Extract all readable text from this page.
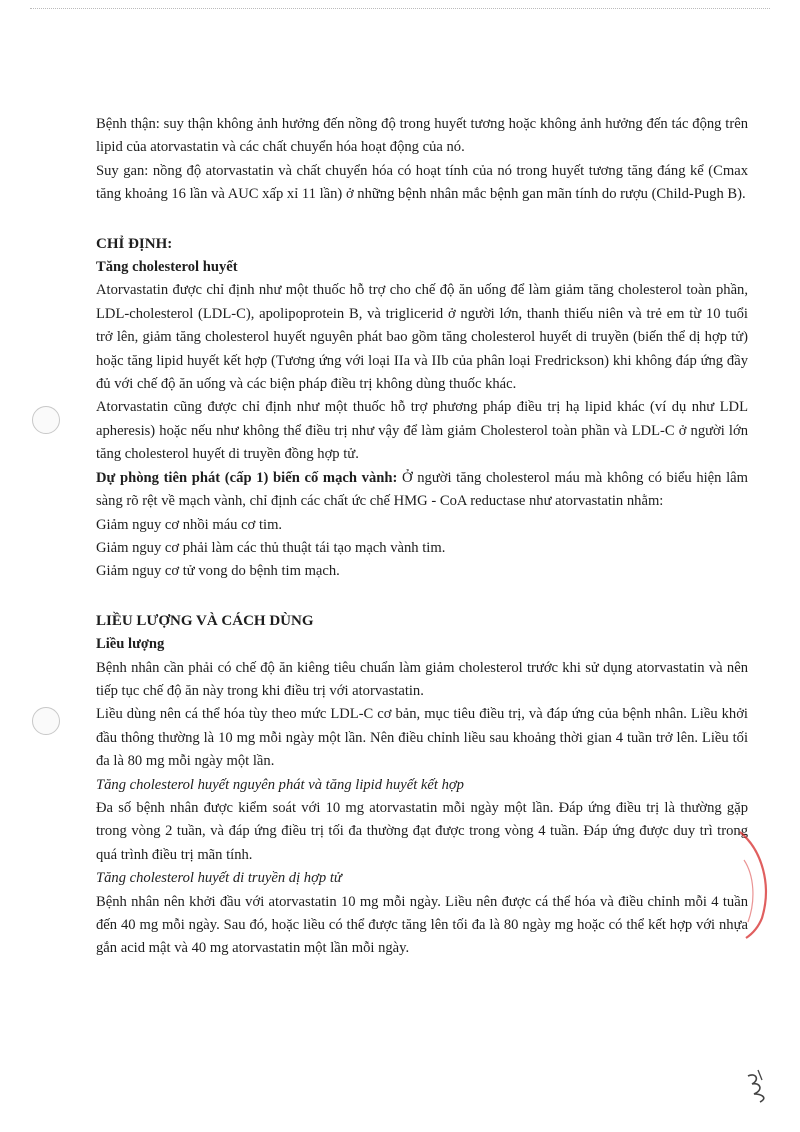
Bệnh thận: suy thận không ảnh hưởng đến nồng độ trong huyết tương hoặc không ảnh hưởng đến tác động trên lipid của atorvastatin và các chất chuyển hóa hoạt động của nó.

Suy gan: nồng độ atorvastatin và chất chuyển hóa có hoạt tính của nó trong huyết tương tăng đáng kể (Cmax tăng khoảng 16 lần và AUC xấp xỉ 11 lần) ở những bệnh nhân mắc bệnh gan mãn tính do rượu (Child-Pugh B).

CHỈ ĐỊNH:

Tăng cholesterol huyết

Atorvastatin được chỉ định như một thuốc hỗ trợ cho chế độ ăn uống để làm giảm tăng cholesterol toàn phần, LDL-cholesterol (LDL-C), apolipoprotein B, và triglicerid ở người lớn, thanh thiếu niên và trẻ em từ 10 tuổi trở lên, giảm tăng cholesterol huyết nguyên phát bao gồm tăng cholesterol huyết di truyền (biến thể dị hợp tử) hoặc tăng lipid huyết kết hợp (Tương ứng với loại IIa và IIb của phân loại Fredrickson) khi không đáp ứng đầy đủ với chế độ ăn uống và các biện pháp điều trị không dùng thuốc khác.

Atorvastatin cũng được chỉ định như một thuốc hỗ trợ phương pháp điều trị hạ lipid khác (ví dụ như LDL apheresis) hoặc nếu như không thể điều trị như vậy để làm giảm Cholesterol toàn phần và LDL-C ở người lớn tăng cholesterol huyết di truyền đồng hợp tử.

Dự phòng tiên phát (cấp 1) biến cố mạch vành: Ở người tăng cholesterol máu mà không có biểu hiện lâm sàng rõ rệt về mạch vành, chỉ định các chất ức chế HMG - CoA reductase như atorvastatin nhằm:

Giảm nguy cơ nhồi máu cơ tim.

Giảm nguy cơ phải làm các thủ thuật tái tạo mạch vành tim.

Giảm nguy cơ tử vong do bệnh tim mạch.

LIỀU LƯỢNG VÀ CÁCH DÙNG

Liều lượng

Bệnh nhân cần phải có chế độ ăn kiêng tiêu chuẩn làm giảm cholesterol trước khi sử dụng atorvastatin và nên tiếp tục chế độ ăn này trong khi điều trị với atorvastatin.

Liều dùng nên cá thể hóa tùy theo mức LDL-C cơ bản, mục tiêu điều trị, và đáp ứng của bệnh nhân. Liều khởi đầu thông thường là 10 mg mỗi ngày một lần. Nên điều chỉnh liều sau khoảng thời gian 4 tuần trở lên. Liều tối đa là 80 mg mỗi ngày một lần.

Tăng cholesterol huyết nguyên phát và tăng lipid huyết kết hợp

Đa số bệnh nhân được kiểm soát với 10 mg atorvastatin mỗi ngày một lần. Đáp ứng điều trị là thường gặp trong vòng 2 tuần, và đáp ứng điều trị tối đa thường đạt được trong vòng 4 tuần. Đáp ứng được duy trì trong quá trình điều trị mãn tính.

Tăng cholesterol huyết di truyền dị hợp tử

Bệnh nhân nên khởi đầu với atorvastatin 10 mg mỗi ngày. Liều nên được cá thể hóa và điều chỉnh mỗi 4 tuần đến 40 mg mỗi ngày. Sau đó, hoặc liều có thể được tăng lên tối đa là 80 ngày mg hoặc có thể kết hợp với nhựa gắn acid mật và 40 mg atorvastatin một lần mỗi ngày.
